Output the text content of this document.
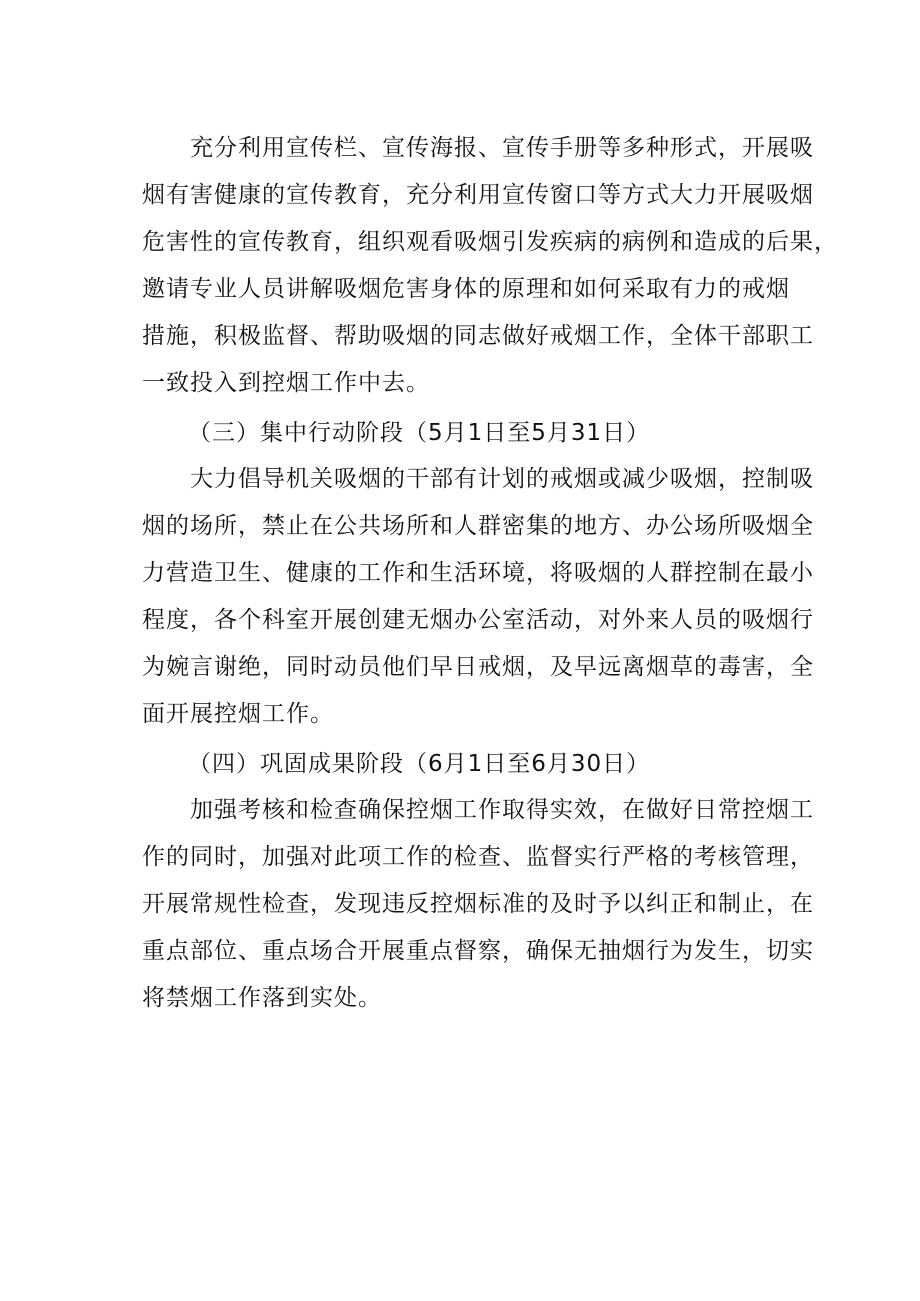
充分利用宣传栏、宣传海报、宣传手册等多种形式，开展吸
烟有害健康的宣传教育，充分利用宣传窗口等方式大力开展吸烟
危害性的宣传教育，组织观看吸烟引发疾病的病例和造成的后果，
邀请专业人员讲解吸烟危害身体的原理和如何采取有力的戒烟
措施，积极监督、帮助吸烟的同志做好戒烟工作，全体干部职工
一致投入到控烟工作中去。
（三）集中行动阶段（5月1日至5月31日）
大力倡导机关吸烟的干部有计划的戒烟或减少吸烟，控制吸
烟的场所，禁止在公共场所和人群密集的地方、办公场所吸烟全
力营造卫生、健康的工作和生活环境，将吸烟的人群控制在最小
程度，各个科室开展创建无烟办公室活动，对外来人员的吸烟行
为婉言谢绝，同时动员他们早日戒烟，及早远离烟草的毒害，全
面开展控烟工作。
（四）巩固成果阶段（6月1日至6月30日）
加强考核和检查确保控烟工作取得实效，在做好日常控烟工
作的同时，加强对此项工作的检查、监督实行严格的考核管理，
开展常规性检查，发现违反控烟标准的及时予以纠正和制止，在
重点部位、重点场合开展重点督察，确保无抽烟行为发生，切实
将禁烟工作落到实处。
